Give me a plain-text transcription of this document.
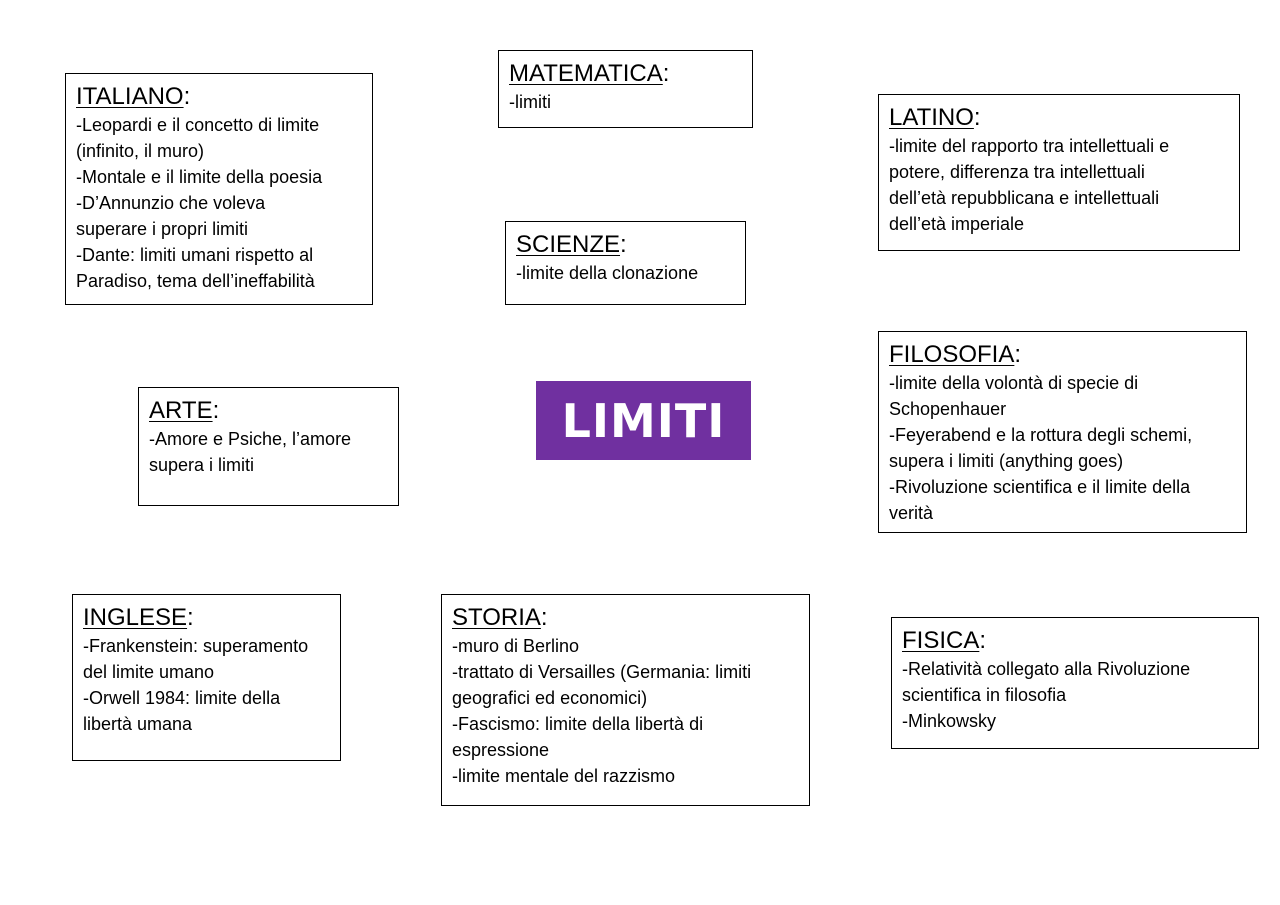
LIMITI
ITALIANO:
-Leopardi e il concetto di limite
(infinito, il muro)
-Montale e il limite della poesia
-D’Annunzio che voleva
superare i propri limiti
-Dante: limiti umani rispetto al
Paradiso, tema dell’ineffabilità
MATEMATICA:
-limiti
LATINO:
-limite del rapporto tra intellettuali e
potere, differenza tra intellettuali
dell’età repubblicana e intellettuali
dell’età imperiale
SCIENZE:
-limite della clonazione
ARTE:
-Amore e Psiche, l’amore
supera i limiti
FILOSOFIA:
-limite della volontà di specie di
Schopenhauer
-Feyerabend e la rottura degli schemi,
supera i limiti (anything goes)
-Rivoluzione scientifica e il limite della
verità
INGLESE:
-Frankenstein: superamento
del limite umano
-Orwell 1984: limite della
libertà umana
STORIA:
-muro di Berlino
-trattato di Versailles (Germania: limiti
geografici ed economici)
-Fascismo: limite della libertà di
espressione
-limite mentale del razzismo
FISICA:
-Relatività collegato alla Rivoluzione
scientifica in filosofia
-Minkowsky
